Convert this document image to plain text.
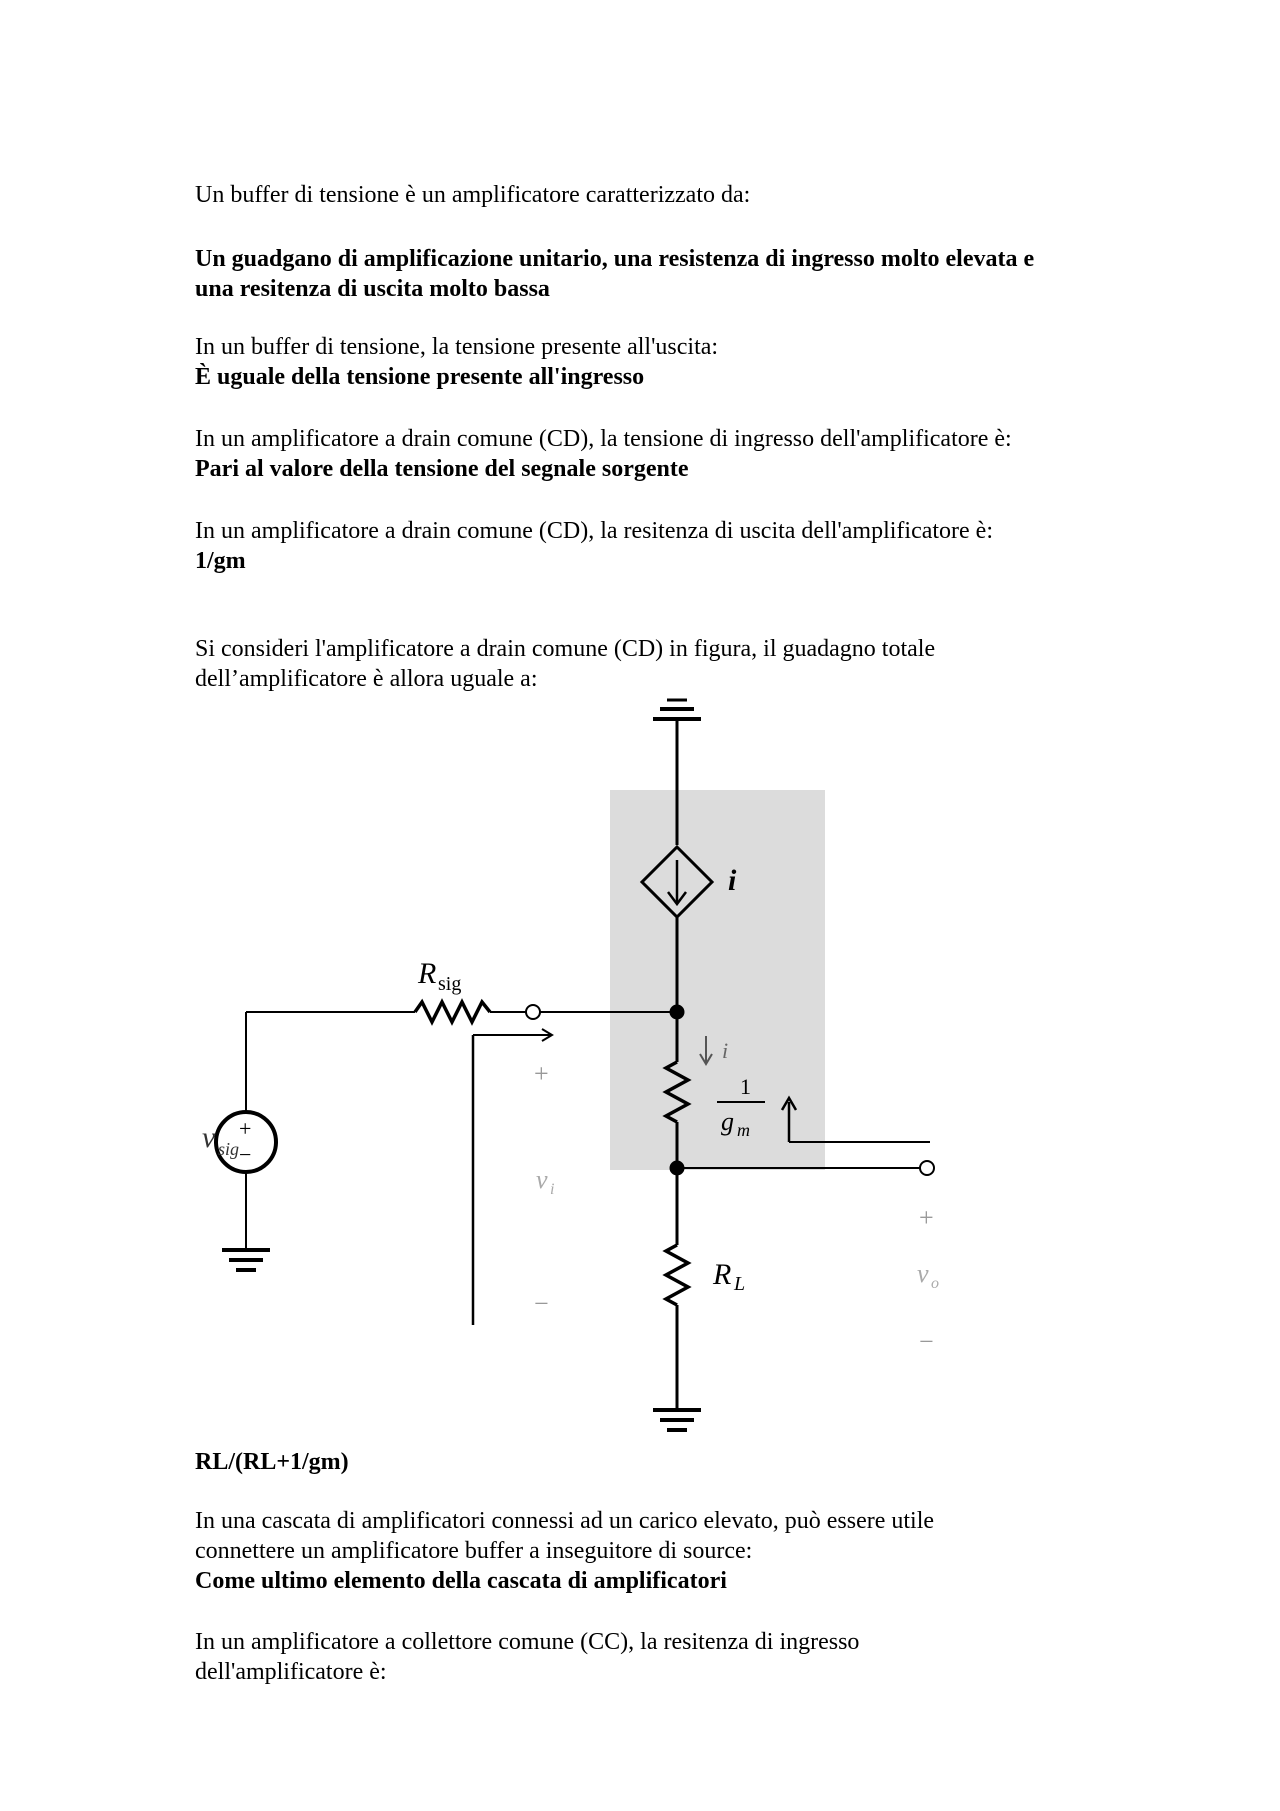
Un buffer di tensione è un amplificatore caratterizzato da:
Un guadgano di amplificazione unitario, una resistenza di ingresso molto elevata e
una resitenza di uscita molto bassa
In un buffer di tensione, la tensione presente all'uscita:
È uguale della tensione presente all'ingresso
In un amplificatore a drain comune (CD), la tensione di ingresso dell'amplificatore è:
Pari al valore della tensione del segnale sorgente
In un amplificatore a drain comune (CD), la resitenza di uscita dell'amplificatore è:
1/gm
Si consideri l'amplificatore a drain comune (CD) in figura, il guadagno totale
dell’amplificatore è allora uguale a:
R sig
i
i
1
g m
R L
v sig
+
−
+
v i
−
+
v o
−
RL/(RL+1/gm)
In una cascata di amplificatori connessi ad un carico elevato, può essere utile
connettere un amplificatore buffer a inseguitore di source:
Come ultimo elemento della cascata di amplificatori
In un amplificatore a collettore comune (CC), la resitenza di ingresso
dell'amplificatore è:
